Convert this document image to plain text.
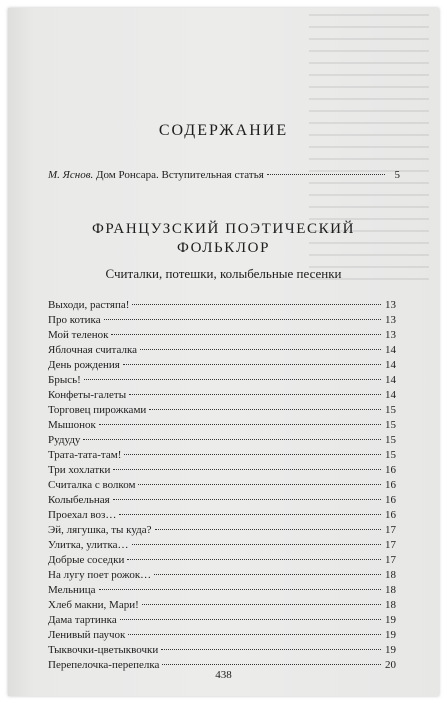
СОДЕРЖАНИЕ
М. Яснов. Дом Ронсара. Вступительная статья	5
ФРАНЦУЗСКИЙ ПОЭТИЧЕСКИЙ
ФОЛЬКЛОР
Считалки, потешки, колыбельные песенки
Выходи, растяпа!	13
Про котика	13
Мой теленок	13
Яблочная считалка	14
День рождения	14
Брысь!	14
Конфеты-галеты	14
Торговец пирожками	15
Мышонок	15
Рудуду	15
Трата-тата-там!	15
Три хохлатки	16
Считалка с волком	16
Колыбельная	16
Проехал воз…	16
Эй, лягушка, ты куда?	17
Улитка, улитка…	17
Добрые соседки	17
На лугу поет рожок…	18
Мельница	18
Хлеб макни, Мари!	18
Дама тартинка	19
Ленивый паучок	19
Тыквочки-цветыквочки	19
Перепелочка-перепелка	20
438
